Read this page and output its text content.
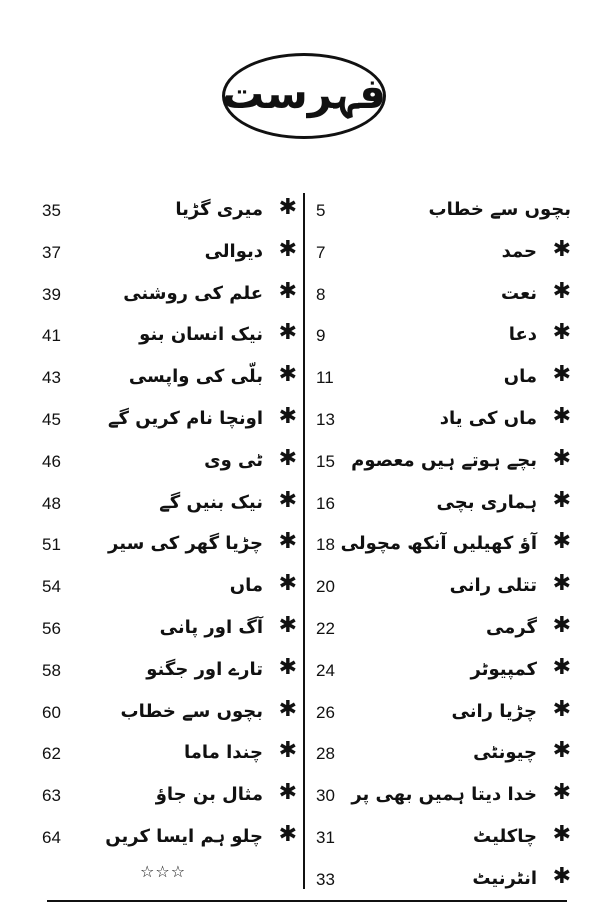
فہرست
5	بچوں سے خطاب
7	حمد ✱
8	نعت ✱
9	دعا ✱
11	ماں ✱
13	ماں کی یاد ✱
15 بچے ہوتے ہیں معصوم ✱
16	ہماری بچی ✱
18 آؤ کھیلیں آنکھ مچولی ✱
20	تتلی رانی ✱
22	گرمی ✱
24	کمپیوٹر ✱
26	چڑیا رانی ✱
28	چیونٹی ✱
30 خدا دیتا ہمیں بھی پر ✱
31	چاکلیٹ ✱
33	انٹرنیٹ ✱
35	میری گڑیا ✱
37	دیوالی ✱
39	علم کی روشنی ✱
41	نیک انسان بنو ✱
43	بلّی کی واپسی ✱
45	اونچا نام کریں گے ✱
46	ٹی وی ✱
48	نیک بنیں گے ✱
51	چڑیا گھر کی سیر ✱
54	ماں ✱
56	آگ اور پانی ✱
58	تارے اور جگنو ✱
60	بچوں سے خطاب ✱
62	چندا ماما ✱
63	مثال بن جاؤ ✱
64 چلو ہم ایسا کریں ✱
☆☆☆
